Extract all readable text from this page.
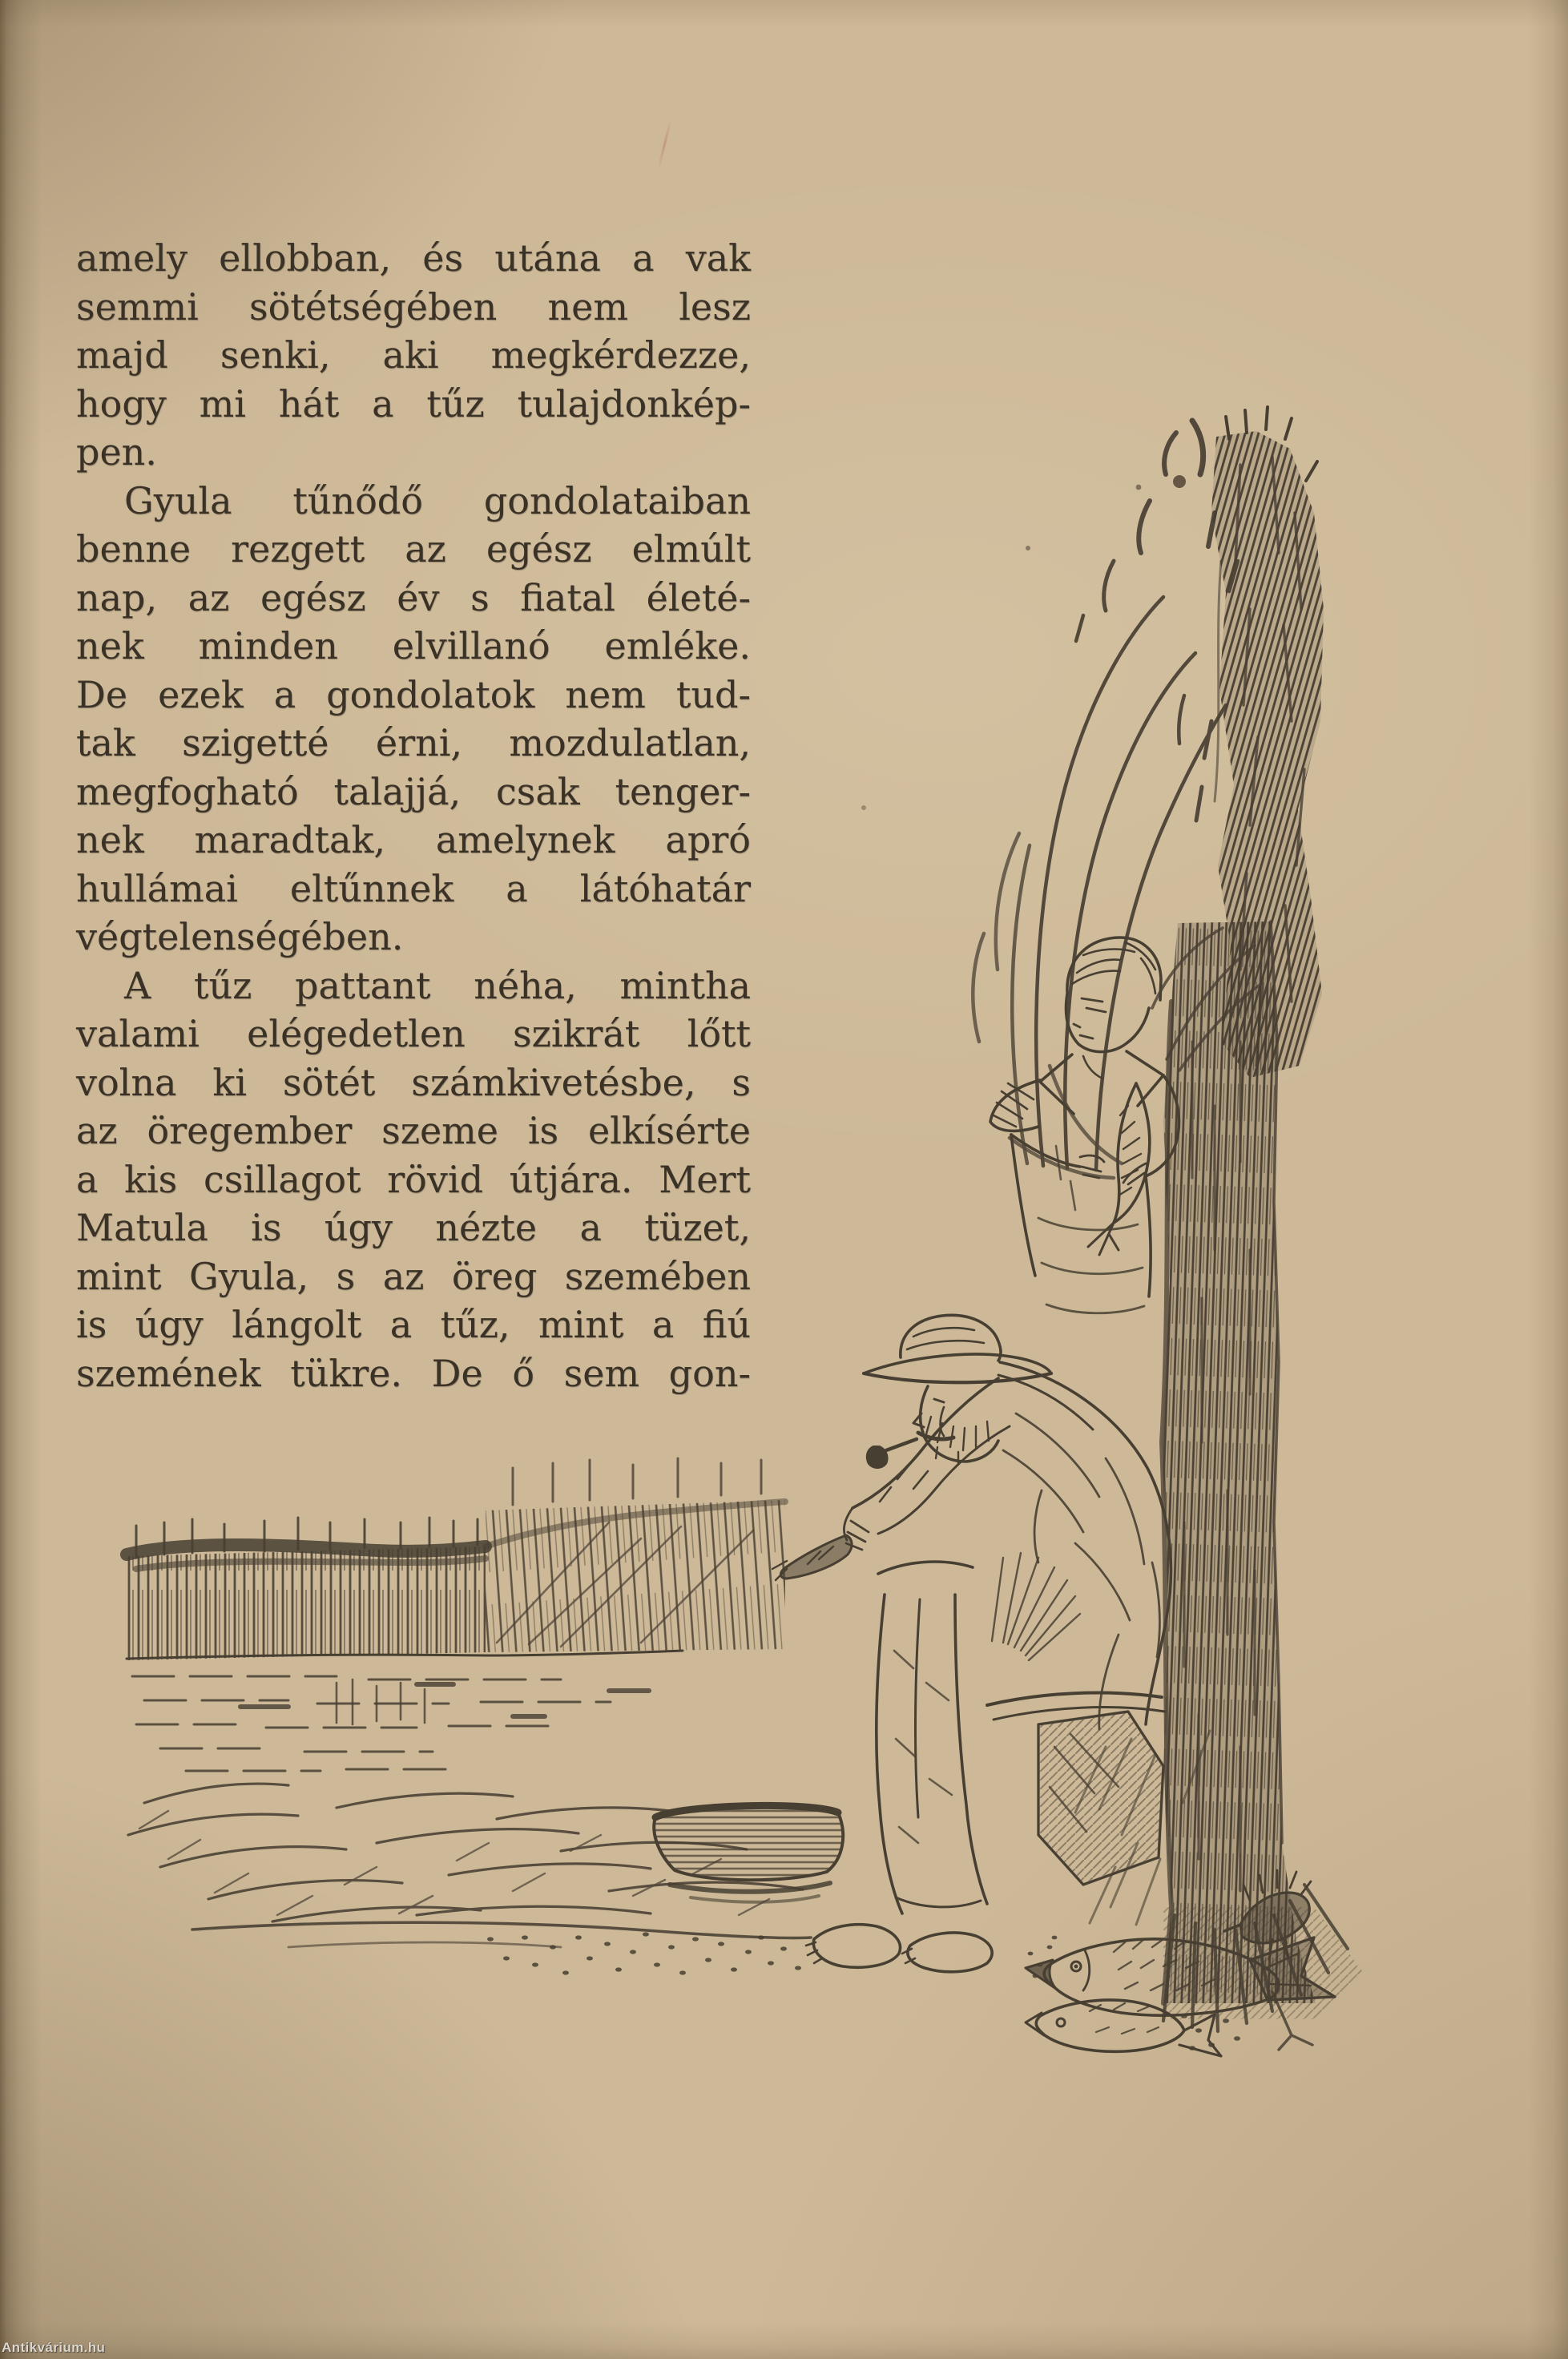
amely ellobban, és utána a vak
semmi sötétségében nem lesz
majd senki, aki megkérdezze,
hogy mi hát a tűz tulajdonkép-
pen.
Gyula tűnődő gondolataiban
benne rezgett az egész elmúlt
nap, az egész év s fiatal életé-
nek minden elvillanó emléke.
De ezek a gondolatok nem tud-
tak szigetté érni, mozdulatlan,
megfogható talajjá, csak tenger-
nek maradtak, amelynek apró
hullámai eltűnnek a látóhatár
végtelenségében.
A tűz pattant néha, mintha
valami elégedetlen szikrát lőtt
volna ki sötét számkivetésbe, s
az öregember szeme is elkísérte
a kis csillagot rövid útjára. Mert
Matula is úgy nézte a tüzet,
mint Gyula, s az öreg szemében
is úgy lángolt a tűz, mint a fiú
szemének tükre. De ő sem gon-
Antikvárium.hu
